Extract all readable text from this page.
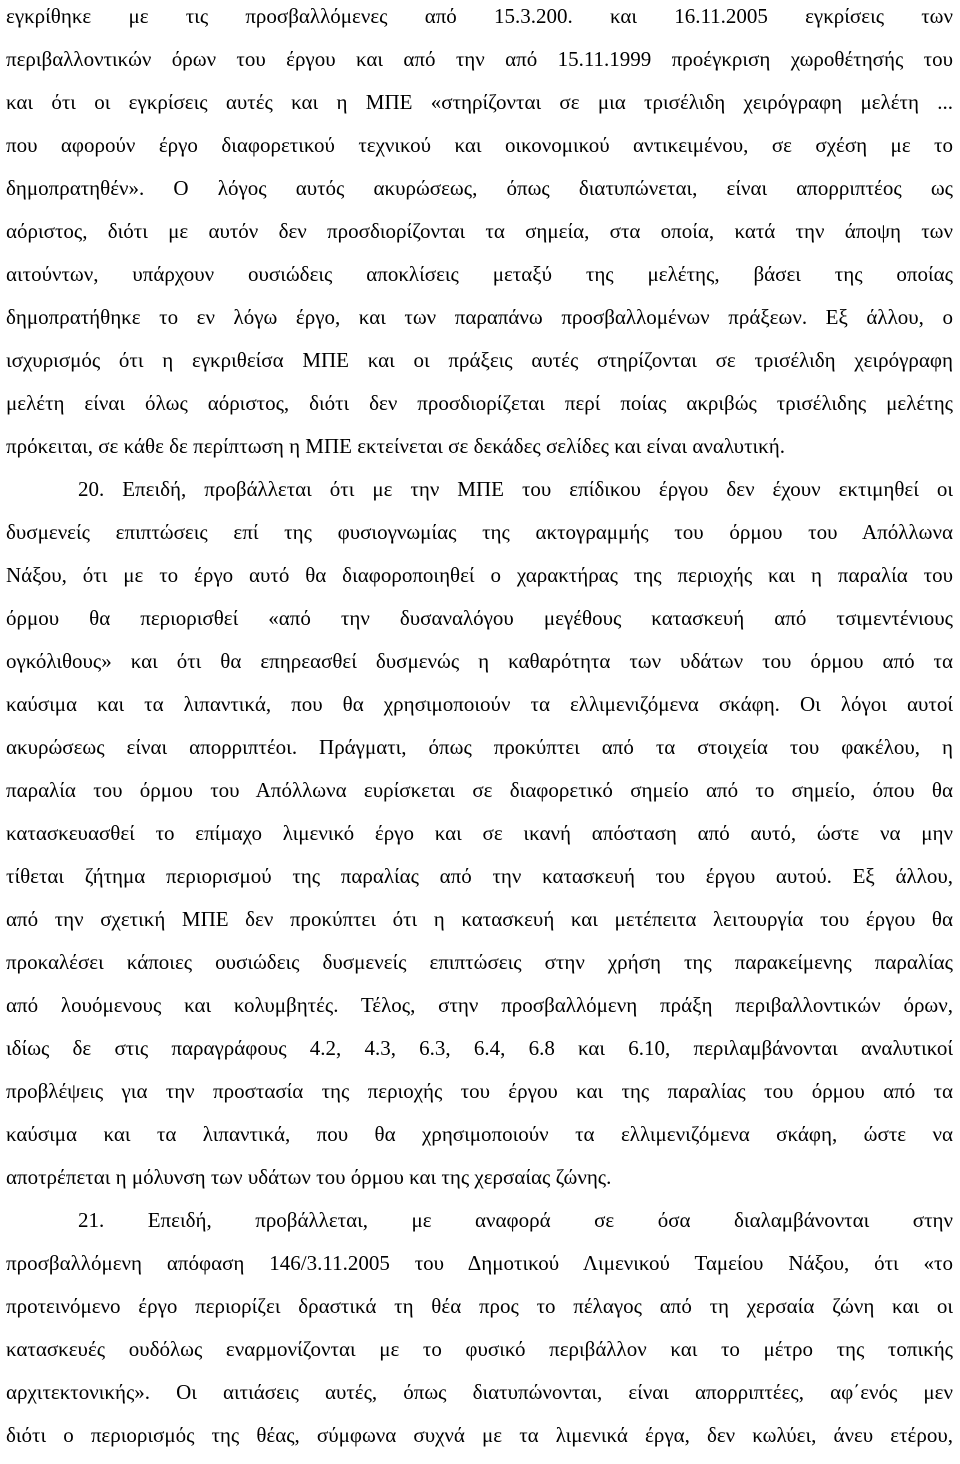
εγκρίθηκε με τις προσβαλλόμενες από 15.3.200. και 16.11.2005 εγκρίσεις των
περιβαλλοντικών όρων του έργου και από την από 15.11.1999 προέγκριση χωροθέτησής του
και ότι οι εγκρίσεις αυτές και η ΜΠΕ «στηρίζονται σε μια τρισέλιδη χειρόγραφη μελέτη ...
που αφορούν έργο διαφορετικού τεχνικού και οικονομικού αντικειμένου, σε σχέση με το
δημοπρατηθέν». Ο λόγος αυτός ακυρώσεως, όπως διατυπώνεται, είναι απορριπτέος ως
αόριστος, διότι με αυτόν δεν προσδιορίζονται τα σημεία, στα οποία, κατά την άποψη των
αιτούντων, υπάρχουν ουσιώδεις αποκλίσεις μεταξύ της μελέτης, βάσει της οποίας
δημοπρατήθηκε το εν λόγω έργο, και των παραπάνω προσβαλλομένων πράξεων. Εξ άλλου, ο
ισχυρισμός ότι η εγκριθείσα ΜΠΕ και οι πράξεις αυτές στηρίζονται σε τρισέλιδη χειρόγραφη
μελέτη είναι όλως αόριστος, διότι δεν προσδιορίζεται περί ποίας ακριβώς τρισέλιδης μελέτης
πρόκειται, σε κάθε δε περίπτωση η ΜΠΕ εκτείνεται σε δεκάδες σελίδες και είναι αναλυτική.
20. Επειδή, προβάλλεται ότι με την ΜΠΕ του επίδικου έργου δεν έχουν εκτιμηθεί οι
δυσμενείς επιπτώσεις επί της φυσιογνωμίας της ακτογραμμής του όρμου του Απόλλωνα
Νάξου, ότι με το έργο αυτό θα διαφοροποιηθεί ο χαρακτήρας της περιοχής και η παραλία του
όρμου θα περιορισθεί «από την δυσαναλόγου μεγέθους κατασκευή από τσιμεντένιους
ογκόλιθους» και ότι θα επηρεασθεί δυσμενώς η καθαρότητα των υδάτων του όρμου από τα
καύσιμα και τα λιπαντικά, που θα χρησιμοποιούν τα ελλιμενιζόμενα σκάφη. Οι λόγοι αυτοί
ακυρώσεως είναι απορριπτέοι. Πράγματι, όπως προκύπτει από τα στοιχεία του φακέλου, η
παραλία του όρμου του Απόλλωνα ευρίσκεται σε διαφορετικό σημείο από το σημείο, όπου θα
κατασκευασθεί το επίμαχο λιμενικό έργο και σε ικανή απόσταση από αυτό, ώστε να μην
τίθεται ζήτημα περιορισμού της παραλίας από την κατασκευή του έργου αυτού. Εξ άλλου,
από την σχετική ΜΠΕ δεν προκύπτει ότι η κατασκευή και μετέπειτα λειτουργία του έργου θα
προκαλέσει κάποιες ουσιώδεις δυσμενείς επιπτώσεις στην χρήση της παρακείμενης παραλίας
από λουόμενους και κολυμβητές. Τέλος, στην προσβαλλόμενη πράξη περιβαλλοντικών όρων,
ιδίως δε στις παραγράφους 4.2, 4.3, 6.3, 6.4, 6.8 και 6.10, περιλαμβάνονται αναλυτικοί
προβλέψεις για την προστασία της περιοχής του έργου και της παραλίας του όρμου από τα
καύσιμα και τα λιπαντικά, που θα χρησιμοποιούν τα ελλιμενιζόμενα σκάφη, ώστε να
αποτρέπεται η μόλυνση των υδάτων του όρμου και της χερσαίας ζώνης.
21. Επειδή, προβάλλεται, με αναφορά σε όσα διαλαμβάνονται στην
προσβαλλόμενη απόφαση 146/3.11.2005 του Δημοτικού Λιμενικού Ταμείου Νάξου, ότι «το
προτεινόμενο έργο περιορίζει δραστικά τη θέα προς το πέλαγος από τη χερσαία ζώνη και οι
κατασκευές ουδόλως εναρμονίζονται με το φυσικό περιβάλλον και το μέτρο της τοπικής
αρχιτεκτονικής». Οι αιτιάσεις αυτές, όπως διατυπώνονται, είναι απορριπτέες, αφ΄ενός μεν
διότι ο περιορισμός της θέας, σύμφωνα συχνά με τα λιμενικά έργα, δεν κωλύει, άνευ ετέρου,
